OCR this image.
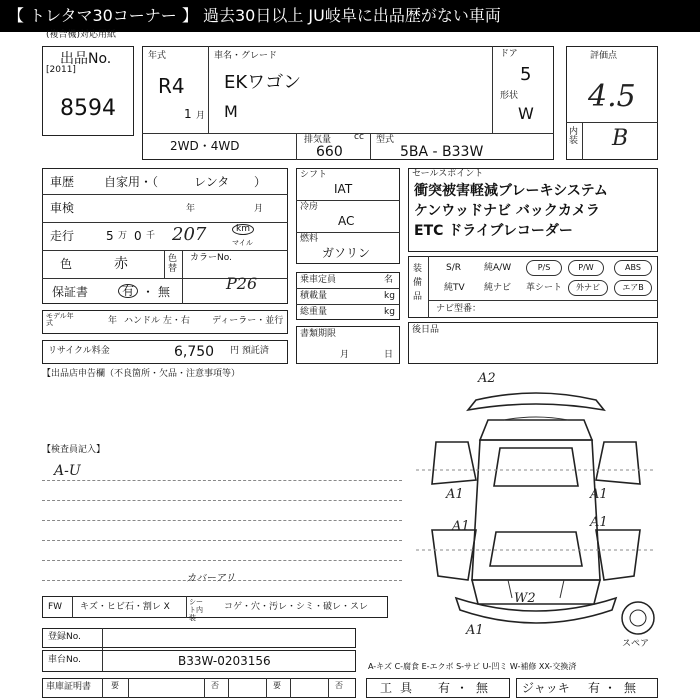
【 トレタマ30コーナー 】 過去30日以上 JU岐阜に出品歴がない車両
(複合機)対応用紙
出品No.
[2011]
8594
年式
R4
1 月
車名・グレード
EKワゴン
M
ドア
5
形状
W
2WD・4WD	排気量	cc
660
型式
5BA - B33W
評価点
4.5
内装 B
車歴 自家用・（	レンタ ）
車検	年	月
走行	5 万 0 千 207	km
マイル
色	赤	色替
カラーNo.
P26
保証書	有 ・ 無
モデル年式	年 ハンドル 左・右 ディーラー・並行
リサイクル料金	6,750 円 預託済
シフト
IAT
冷房
AC
燃料
ガソリン
乗車定員	名
積載量	kg
総重量	kg
書類期限
月	日
セールスポイント
衝突被害軽減ブレーキシステム
ケンウッドナビ バックカメラ
ETC ドライブレコーダー
装備品
S/R	純A/W	P/S	P/W	ABS
純TV 純ナビ 革シート	外ナビ	エアB
ナビ型番：
後日品
【出品店申告欄（不良箇所・欠品・注意事項等）
【検査員記入】
A-U
A2
A1	A1
A1	A1
W2
A1
スペア
カバーアリ
FW キズ・ヒビ石・割レ X	シート内装
コゲ・穴・汚レ・シミ・破レ・スレ
登録No.
車台No.	B33W-0203156	A-キズ C-腐食 E-エクボ S-サビ U-凹ミ W-補修 XX-交換済
車庫証明書 要	否	要	否	工具 有 ・ 無	ジャッキ 有 ・ 無
